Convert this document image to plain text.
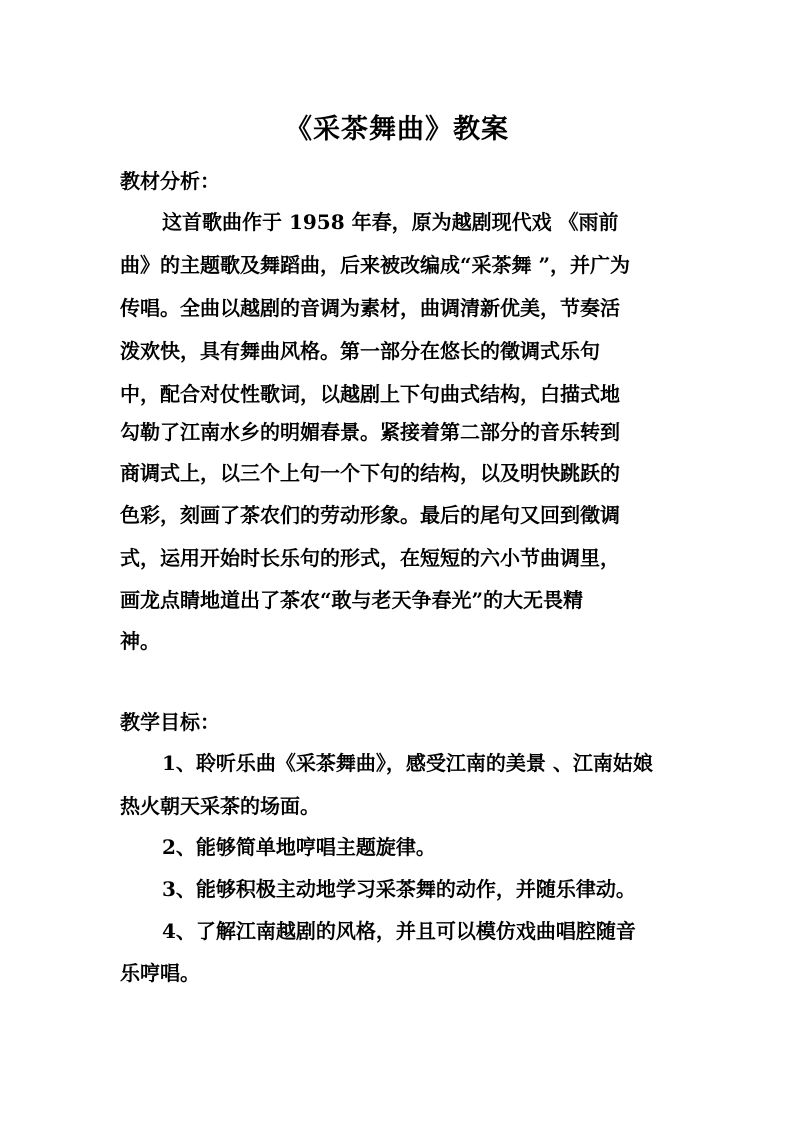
《采茶舞曲》教案
教材分析：
这首歌曲作于 1958 年春，原为越剧现代戏 《雨前
曲》的主题歌及舞蹈曲，后来被改编成“采茶舞 ”，并广为
传唱。全曲以越剧的音调为素材，曲调清新优美，节奏活
泼欢快，具有舞曲风格。第一部分在悠长的徵调式乐句
中，配合对仗性歌词，以越剧上下句曲式结构，白描式地
勾勒了江南水乡的明媚春景。紧接着第二部分的音乐转到
商调式上，以三个上句一个下句的结构，以及明快跳跃的
色彩，刻画了茶农们的劳动形象。最后的尾句又回到徵调
式，运用开始时长乐句的形式，在短短的六小节曲调里，
画龙点睛地道出了茶农“敢与老天争春光”的大无畏精
神。
教学目标：
1、聆听乐曲《采茶舞曲》，感受江南的美景 、江南姑娘
热火朝天采茶的场面。
2、能够简单地哼唱主题旋律。
3、能够积极主动地学习采茶舞的动作，并随乐律动。
4、了解江南越剧的风格，并且可以模仿戏曲唱腔随音
乐哼唱。
